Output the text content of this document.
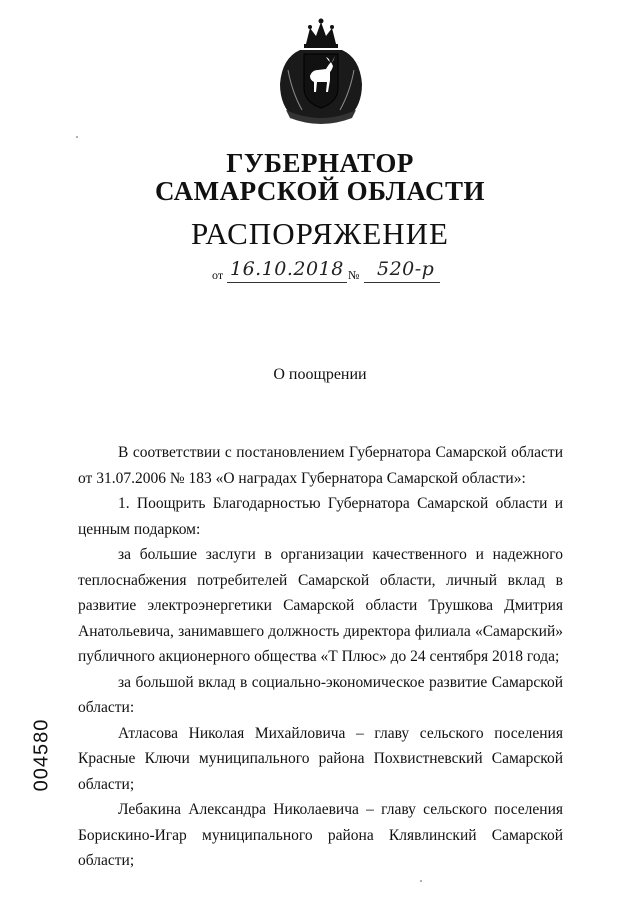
ГУБЕРНАТОР
САМАРСКОЙ ОБЛАСТИ
РАСПОРЯЖЕНИЕ
от 16.10.2018 № 520-р
О поощрении

В соответствии с постановлением Губернатора Самарской области от 31.07.2006 № 183 «О наградах Губернатора Самарской области»:

1. Поощрить Благодарностью Губернатора Самарской области и ценным подарком:

за большие заслуги в организации качественного и надежного теплоснабжения потребителей Самарской области, личный вклад в развитие электроэнергетики Самарской области Трушкова Дмитрия Анатольевича, занимавшего должность директора филиала «Самарский» публичного акционерного общества «Т Плюс» до 24 сентября 2018 года;

за большой вклад в социально-экономическое развитие Самарской области:

Атласова Николая Михайловича – главу сельского поселения Красные Ключи муниципального района Похвистневский Самарской области;

Лебакина Александра Николаевича – главу сельского поселения Борискино-Игар муниципального района Клявлинский Самарской области;

004580
